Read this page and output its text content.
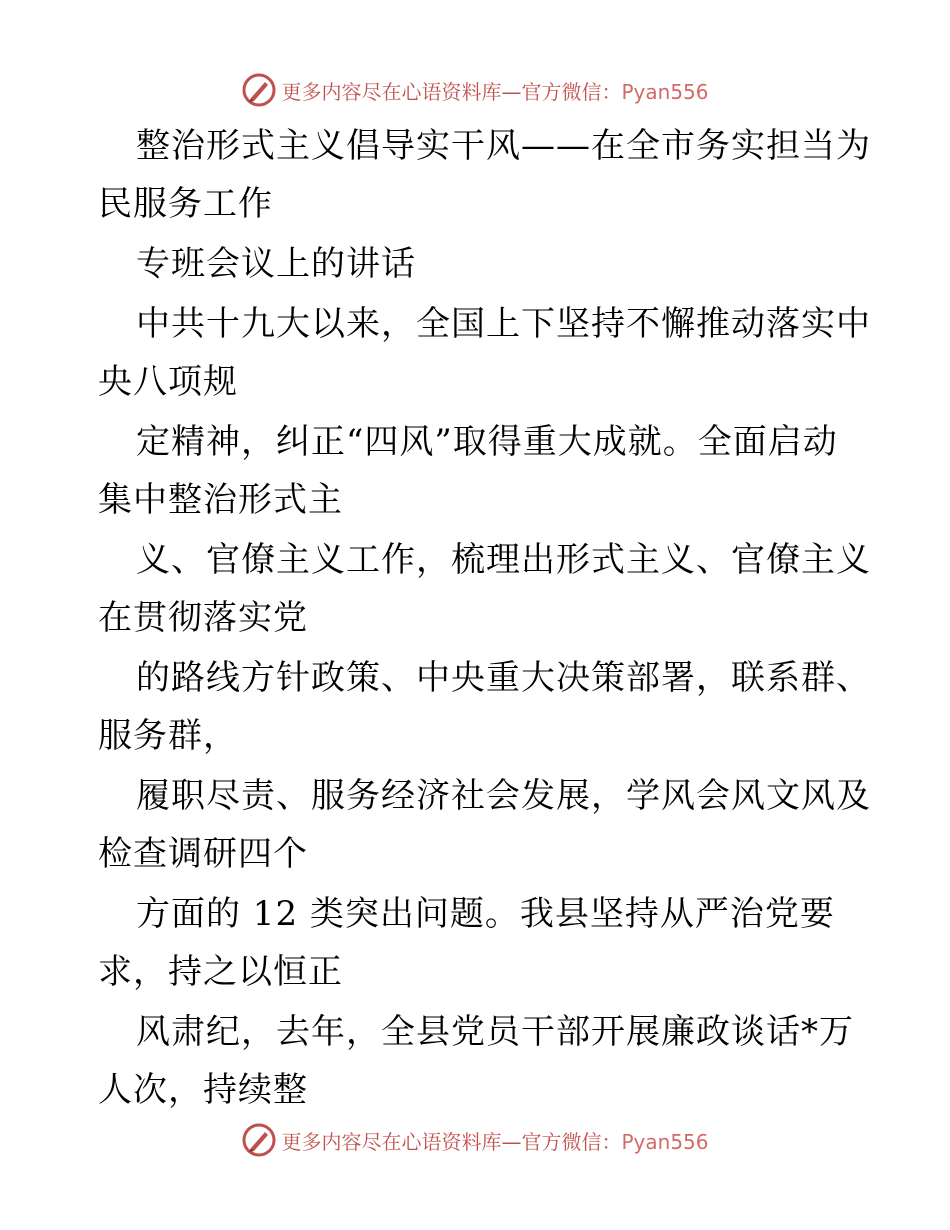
更多内容尽在心语资料库—官方微信：Pyan556
整治形式主义倡导实干风——在全市务实担当为
民服务工作
专班会议上的讲话
中共十九大以来，全国上下坚持不懈推动落实中
央八项规
定精神，纠正“四风”取得重大成就。全面启动
集中整治形式主
义、官僚主义工作，梳理出形式主义、官僚主义
在贯彻落实党
的路线方针政策、中央重大决策部署，联系群、
服务群，
履职尽责、服务经济社会发展，学风会风文风及
检查调研四个
方面的 12 类突出问题。我县坚持从严治党要
求，持之以恒正
风肃纪，去年，全县党员干部开展廉政谈话*万
人次，持续整
更多内容尽在心语资料库—官方微信：Pyan556
